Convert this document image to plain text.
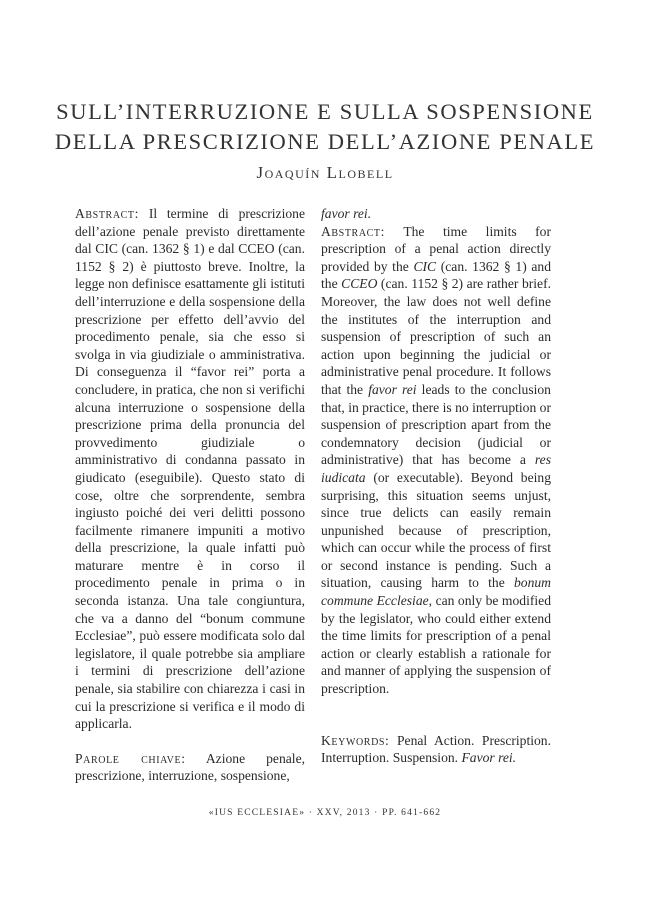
SULL’INTERRUZIONE E SULLA SOSPENSIONE
DELLA PRESCRIZIONE DELL’AZIONE PENALE
Joaquín Llobell

Abstract: Il termine di prescrizione dell’azione penale previsto direttamente dal CIC (can. 1362 § 1) e dal CCEO (can. 1152 § 2) è piuttosto breve. Inoltre, la legge non definisce esattamente gli istituti dell’interruzione e della sospensione della prescrizione per effetto dell’avvio del procedimento penale, sia che esso si svolga in via giudiziale o amministrativa. Di conseguenza il “favor rei” porta a concludere, in pratica, che non si verifichi alcuna interruzione o sospensione della prescrizione prima della pronuncia del provvedimento giudiziale o amministrativo di condanna passato in giudicato (eseguibile). Questo stato di cose, oltre che sorprendente, sembra ingiusto poiché dei veri delitti possono facilmente rimanere impuniti a motivo della prescrizione, la quale infatti può maturare mentre è in corso il procedimento penale in prima o in seconda istanza. Una tale congiuntura, che va a danno del “bonum commune Ecclesiae”, può essere modificata solo dal legislatore, il quale potrebbe sia ampliare i termini di prescrizione dell’azione penale, sia stabilire con chiarezza i casi in cui la prescrizione si verifica e il modo di applicarla.

Parole chiave: Azione penale, prescrizione, interruzione, sospensione,

favor rei.

Abstract: The time limits for prescription of a penal action directly provided by the CIC (can. 1362 § 1) and the CCEO (can. 1152 § 2) are rather brief. Moreover, the law does not well define the institutes of the interruption and suspension of prescription of such an action upon beginning the judicial or administrative penal procedure. It follows that the favor rei leads to the conclusion that, in practice, there is no interruption or suspension of prescription apart from the condemnatory decision (judicial or administrative) that has become a res iudicata (or executable). Beyond being surprising, this situation seems unjust, since true delicts can easily remain unpunished because of prescription, which can occur while the process of first or second instance is pending. Such a situation, causing harm to the bonum commune Ecclesiae, can only be modified by the legislator, who could either extend the time limits for prescription of a penal action or clearly establish a rationale for and manner of applying the suspension of prescription.

Keywords: Penal Action. Prescription. Interruption. Suspension. Favor rei.

«IUS ECCLESIAE» · XXV, 2013 · PP. 641-662
